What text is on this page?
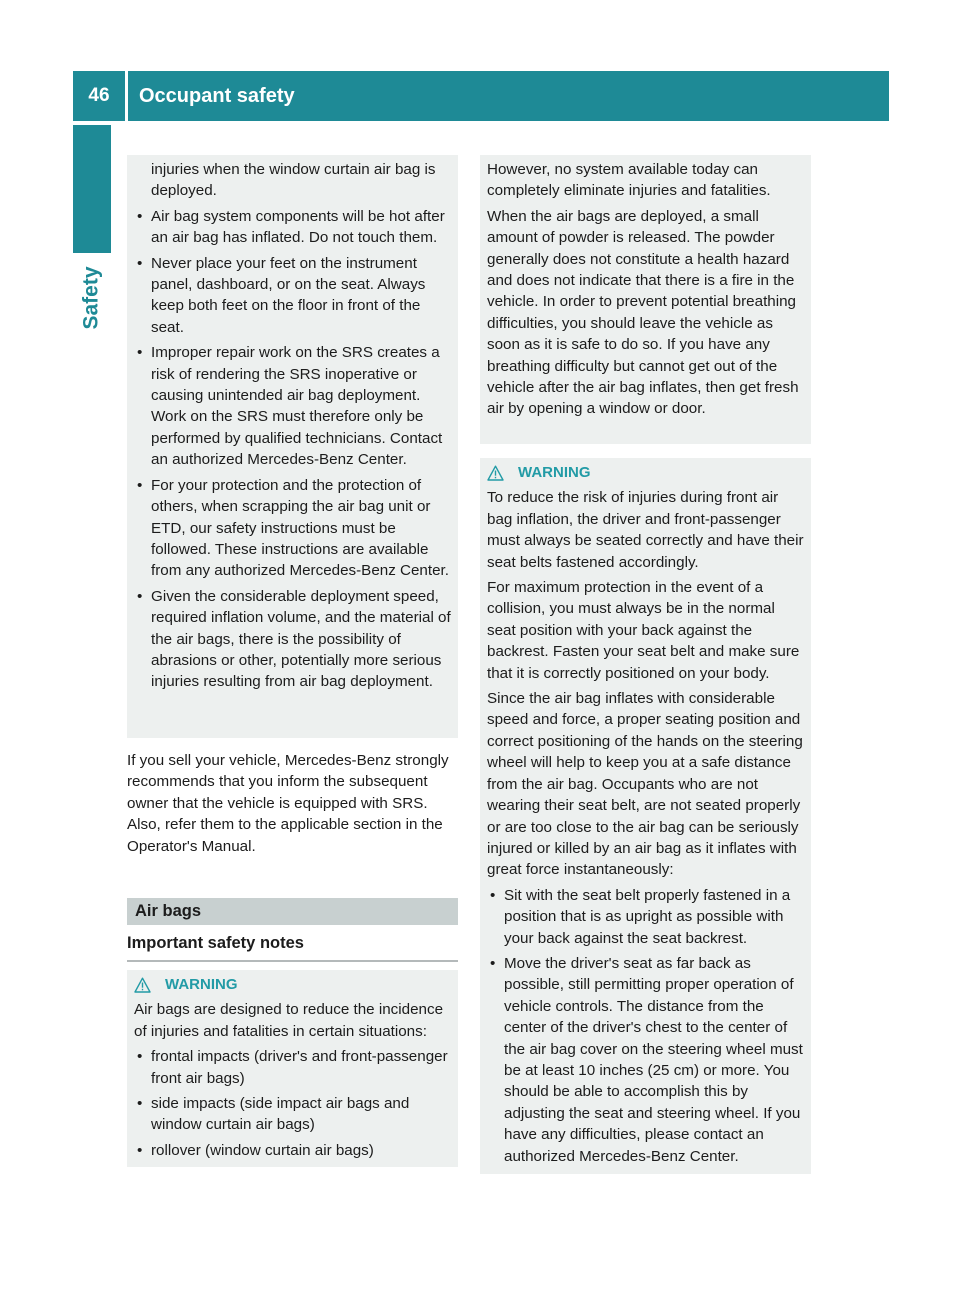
46	Occupant safety
Safety

injuries when the window curtain air bag is deployed.

• Air bag system components will be hot after an air bag has inflated. Do not touch them.
• Never place your feet on the instrument panel, dashboard, or on the seat. Always keep both feet on the floor in front of the seat.
• Improper repair work on the SRS creates a risk of rendering the SRS inoperative or causing unintended air bag deployment. Work on the SRS must therefore only be performed by qualified technicians. Contact an authorized Mercedes-Benz Center.
• For your protection and the protection of others, when scrapping the air bag unit or ETD, our safety instructions must be followed. These instructions are available from any authorized Mercedes-Benz Center.
• Given the considerable deployment speed, required inflation volume, and the material of the air bags, there is the possibility of abrasions or other, potentially more serious injuries resulting from air bag deployment.

If you sell your vehicle, Mercedes-Benz strongly recommends that you inform the subsequent owner that the vehicle is equipped with SRS. Also, refer them to the applicable section in the Operator's Manual.

Air bags
Important safety notes
WARNING

Air bags are designed to reduce the incidence of injuries and fatalities in certain situations:

• frontal impacts (driver's and front-passenger front air bags)
• side impacts (side impact air bags and window curtain air bags)
• rollover (window curtain air bags)

However, no system available today can completely eliminate injuries and fatalities.

When the air bags are deployed, a small amount of powder is released. The powder generally does not constitute a health hazard and does not indicate that there is a fire in the vehicle. In order to prevent potential breathing difficulties, you should leave the vehicle as soon as it is safe to do so. If you have any breathing difficulty but cannot get out of the vehicle after the air bag inflates, then get fresh air by opening a window or door.

WARNING

To reduce the risk of injuries during front air bag inflation, the driver and front-passenger must always be seated correctly and have their seat belts fastened accordingly.

For maximum protection in the event of a collision, you must always be in the normal seat position with your back against the backrest. Fasten your seat belt and make sure that it is correctly positioned on your body.

Since the air bag inflates with considerable speed and force, a proper seating position and correct positioning of the hands on the steering wheel will help to keep you at a safe distance from the air bag. Occupants who are not wearing their seat belt, are not seated properly or are too close to the air bag can be seriously injured or killed by an air bag as it inflates with great force instantaneously:

• Sit with the seat belt properly fastened in a position that is as upright as possible with your back against the seat backrest.
• Move the driver's seat as far back as possible, still permitting proper operation of vehicle controls. The distance from the center of the driver's chest to the center of the air bag cover on the steering wheel must be at least 10 inches (25 cm) or more. You should be able to accomplish this by adjusting the seat and steering wheel. If you have any difficulties, please contact an authorized Mercedes-Benz Center.
